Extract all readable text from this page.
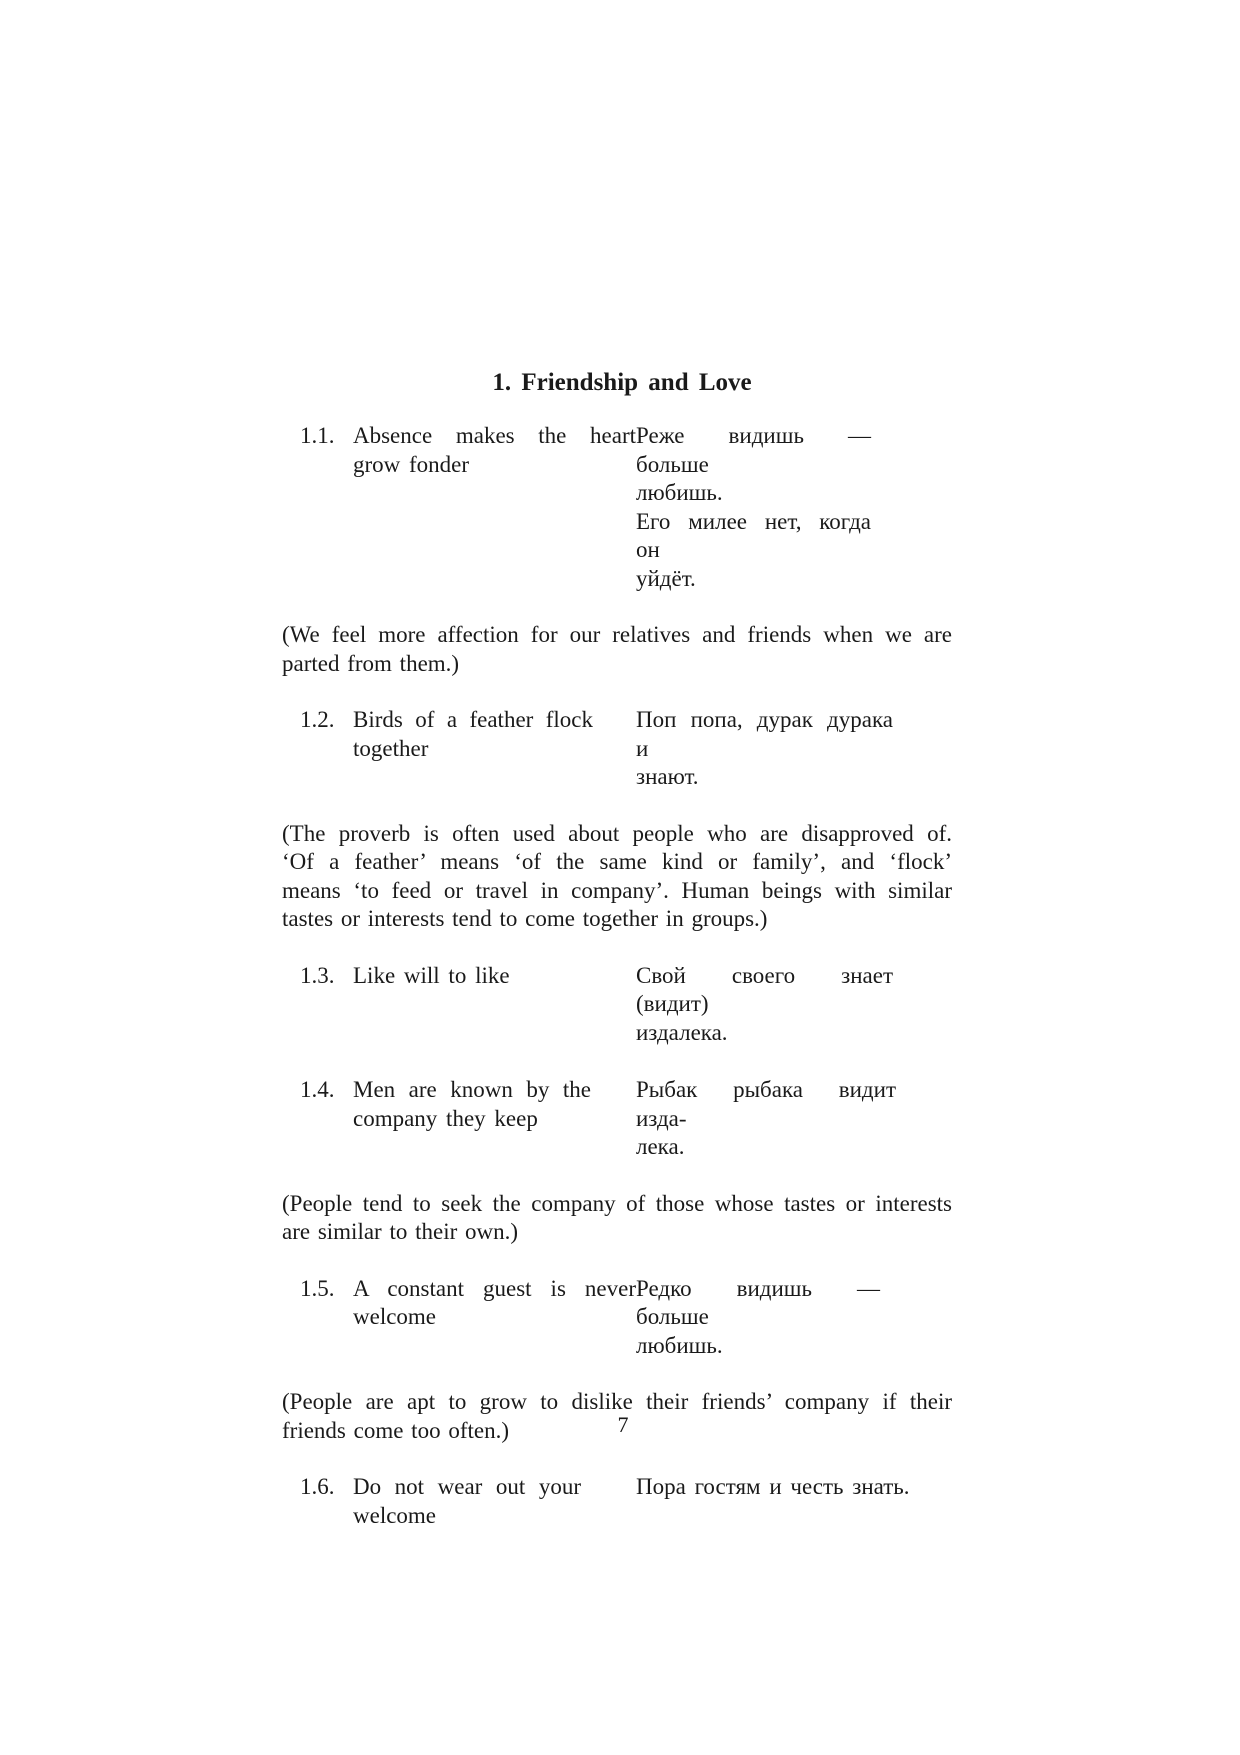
1. Friendship and Love
1.1. Absence makes the heart
grow fonder
Реже видишь — больше
любишь.
Его милее нет, когда он
уйдёт.
(We feel more affection for our relatives and friends when we are
parted from them.)
1.2. Birds of a feather flock
together
Поп попа, дурак дурака и
знают.
(The proverb is often used about people who are disapproved of.
‘Of a feather’ means ‘of the same kind or family’, and ‘flock’
means ‘to feed or travel in company’. Human beings with similar
tastes or interests tend to come together in groups.)
1.3. Like will to like	Свой своего знает (видит)
издалека.
1.4. Men are known by the
company they keep
Рыбак рыбака видит изда-
лека.
(People tend to seek the company of those whose tastes or interests
are similar to their own.)
1.5. A constant guest is never
welcome
Редко видишь — больше
любишь.
(People are apt to grow to dislike their friends’ company if their
friends come too often.)
1.6. Do not wear out your
welcome
Пора гостям и честь знать.
7
